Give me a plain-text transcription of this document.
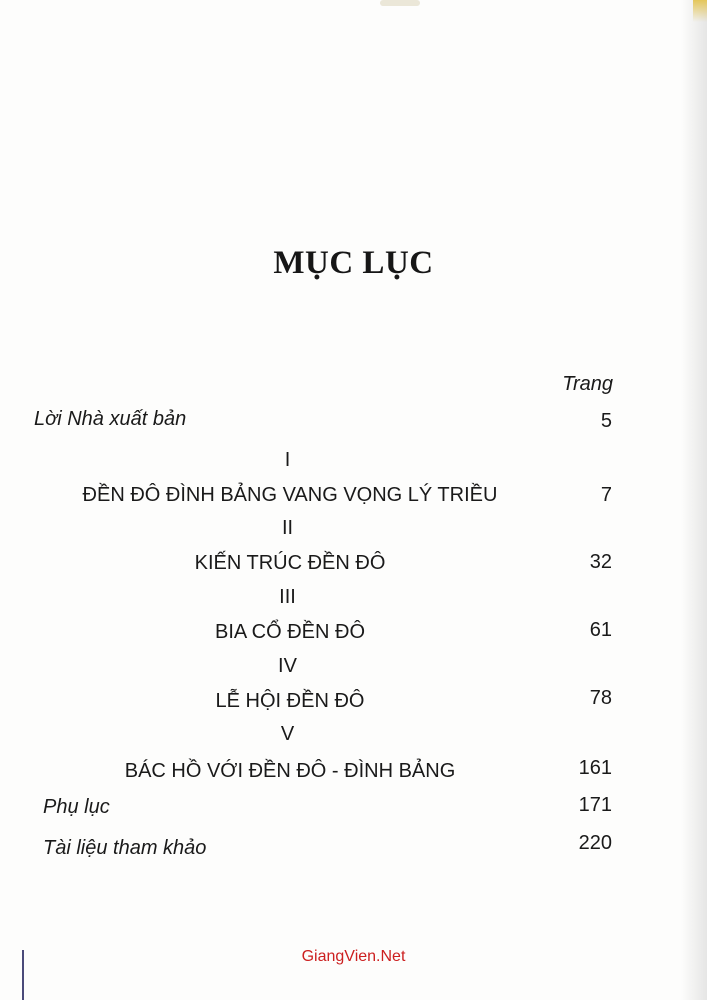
MỤC LỤC
Trang
Lời Nhà xuất bản	5
I
ĐỀN ĐÔ ĐÌNH BẢNG VANG VỌNG LÝ TRIỀU	7
II
KIẾN TRÚC ĐỀN ĐÔ	32
III
BIA CỔ ĐỀN ĐÔ	61
IV
LỄ HỘI ĐỀN ĐÔ	78
V
BÁC HỒ VỚI ĐỀN ĐÔ - ĐÌNH BẢNG	161
Phụ lục	171
Tài liệu tham khảo	220
GiangVien.Net
